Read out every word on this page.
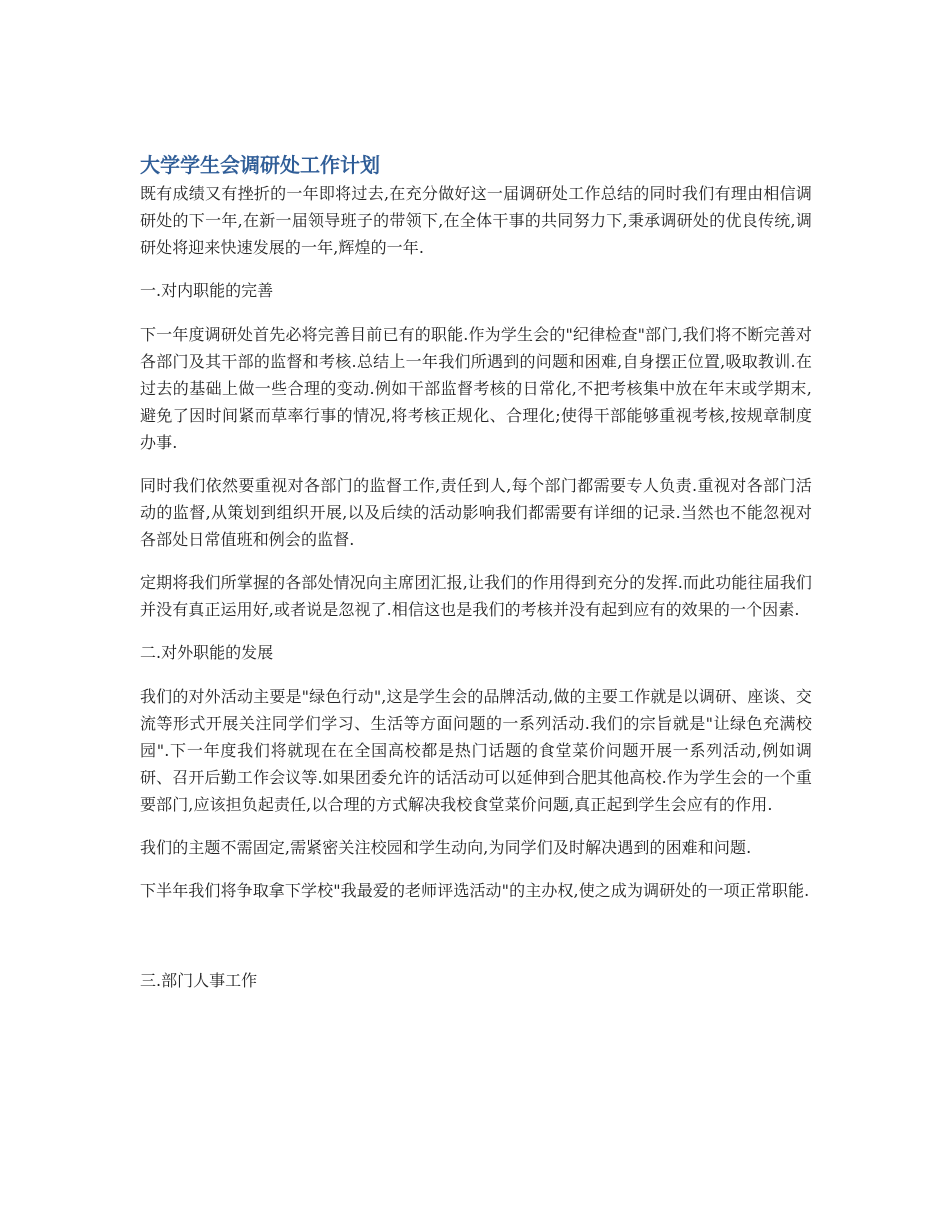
大学学生会调研处工作计划

既有成绩又有挫折的一年即将过去,在充分做好这一届调研处工作总结的同时我们有理由相信调研处的下一年,在新一届领导班子的带领下,在全体干事的共同努力下,秉承调研处的优良传统,调研处将迎来快速发展的一年,辉煌的一年.

一.对内职能的完善

下一年度调研处首先必将完善目前已有的职能.作为学生会的"纪律检查"部门,我们将不断完善对各部门及其干部的监督和考核.总结上一年我们所遇到的问题和困难,自身摆正位置,吸取教训.在过去的基础上做一些合理的变动.例如干部监督考核的日常化,不把考核集中放在年末或学期末,避免了因时间紧而草率行事的情况,将考核正规化、合理化;使得干部能够重视考核,按规章制度办事.

同时我们依然要重视对各部门的监督工作,责任到人,每个部门都需要专人负责.重视对各部门活动的监督,从策划到组织开展,以及后续的活动影响我们都需要有详细的记录.当然也不能忽视对各部处日常值班和例会的监督.

定期将我们所掌握的各部处情况向主席团汇报,让我们的作用得到充分的发挥.而此功能往届我们并没有真正运用好,或者说是忽视了.相信这也是我们的考核并没有起到应有的效果的一个因素.

二.对外职能的发展

我们的对外活动主要是"绿色行动",这是学生会的品牌活动,做的主要工作就是以调研、座谈、交流等形式开展关注同学们学习、生活等方面问题的一系列活动.我们的宗旨就是"让绿色充满校园".下一年度我们将就现在在全国高校都是热门话题的食堂菜价问题开展一系列活动,例如调研、召开后勤工作会议等.如果团委允许的话活动可以延伸到合肥其他高校.作为学生会的一个重要部门,应该担负起责任,以合理的方式解决我校食堂菜价问题,真正起到学生会应有的作用.

我们的主题不需固定,需紧密关注校园和学生动向,为同学们及时解决遇到的困难和问题.

下半年我们将争取拿下学校"我最爱的老师评选活动"的主办权,使之成为调研处的一项正常职能.

三.部门人事工作
